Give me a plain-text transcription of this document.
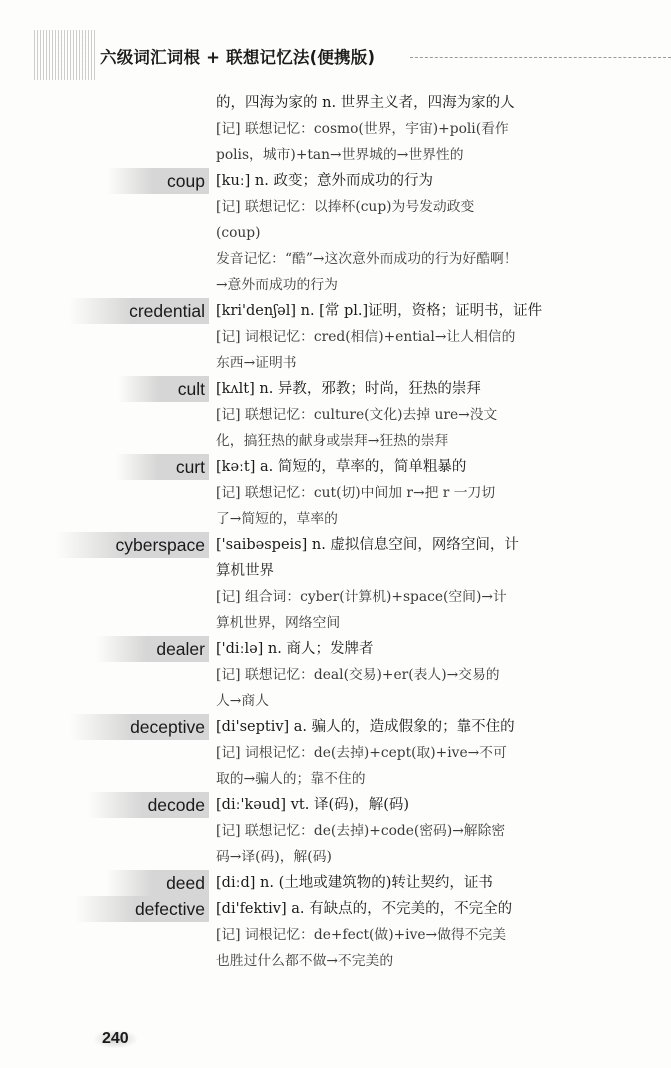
六级词汇词根 + 联想记忆法(便携版)
的，四海为家的 n. 世界主义者，四海为家的人
[记] 联想记忆：cosmo(世界，宇宙)+poli(看作
polis，城市)+tan→世界城的→世界性的
coup [kuː] n. 政变；意外而成功的行为
[记] 联想记忆：以捧杯(cup)为号发动政变
(coup)
发音记忆：“酷”→这次意外而成功的行为好酷啊！
→意外而成功的行为
credential [kri'denʃəl] n. [常 pl.]证明，资格；证明书，证件
[记] 词根记忆：cred(相信)+ential→让人相信的
东西→证明书
cult [kʌlt] n. 异教，邪教；时尚，狂热的崇拜
[记] 联想记忆：culture(文化)去掉 ure→没文
化，搞狂热的献身或崇拜→狂热的崇拜
curt [kəːt] a. 简短的，草率的，简单粗暴的
[记] 联想记忆：cut(切)中间加 r→把 r 一刀切
了→简短的，草率的
cyberspace ['saibəspeis] n. 虚拟信息空间，网络空间，计
算机世界
[记] 组合词：cyber(计算机)+space(空间)→计
算机世界，网络空间
dealer ['diːlə] n. 商人；发牌者
[记] 联想记忆：deal(交易)+er(表人)→交易的
人→商人
deceptive [di'septiv] a. 骗人的，造成假象的；靠不住的
[记] 词根记忆：de(去掉)+cept(取)+ive→不可
取的→骗人的；靠不住的
decode [diː'kəud] vt. 译(码)，解(码)
[记] 联想记忆：de(去掉)+code(密码)→解除密
码→译(码)，解(码)
deed [diːd] n. (土地或建筑物的)转让契约，证书
defective [di'fektiv] a. 有缺点的，不完美的，不完全的
[记] 词根记忆：de+fect(做)+ive→做得不完美
也胜过什么都不做→不完美的
240
